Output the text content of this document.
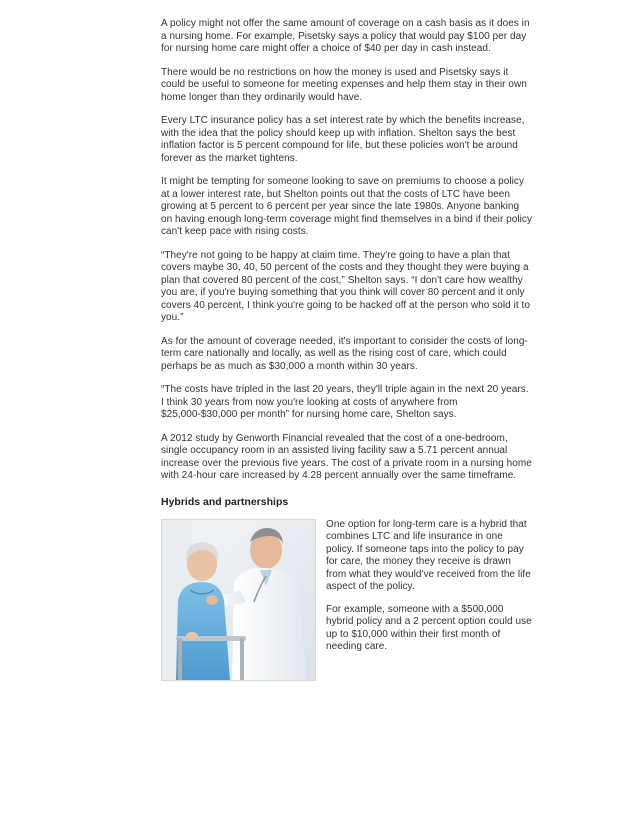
A policy might not offer the same amount of coverage on a cash basis as it does in a nursing home. For example, Pisetsky says a policy that would pay $100 per day for nursing home care might offer a choice of $40 per day in cash instead.

There would be no restrictions on how the money is used and Pisetsky says it could be useful to someone for meeting expenses and help them stay in their own home longer than they ordinarily would have.

Every LTC insurance policy has a set interest rate by which the benefits increase, with the idea that the policy should keep up with inflation. Shelton says the best inflation factor is 5 percent compound for life, but these policies won't be around forever as the market tightens.

It might be tempting for someone looking to save on premiums to choose a policy at a lower interest rate, but Shelton points out that the costs of LTC have been growing at 5 percent to 6 percent per year since the late 1980s. Anyone banking on having enough long-term coverage might find themselves in a bind if their policy can't keep pace with rising costs.

“They're not going to be happy at claim time. They're going to have a plan that covers maybe 30, 40, 50 percent of the costs and they thought they were buying a plan that covered 80 percent of the cost,” Shelton says. “I don't care how wealthy you are, if you're buying something that you think will cover 80 percent and it only covers 40 percent, I think you're going to be hacked off at the person who sold it to you.”

As for the amount of coverage needed, it's important to consider the costs of long-term care nationally and locally, as well as the rising cost of care, which could perhaps be as much as $30,000 a month within 30 years.

“The costs have tripled in the last 20 years, they'll triple again in the next 20 years. I think 30 years from now you're looking at costs of anywhere from $25,000-$30,000 per month” for nursing home care, Shelton says.

A 2012 study by Genworth Financial revealed that the cost of a one-bedroom, single occupancy room in an assisted living facility saw a 5.71 percent annual increase over the previous five years. The cost of a private room in a nursing home with 24-hour care increased by 4.28 percent annually over the same timeframe.

Hybrids and partnerships

One option for long-term care is a hybrid that combines LTC and life insurance in one policy. If someone taps into the policy to pay for care, the money they receive is drawn from what they would've received from the life aspect of the policy.

For example, someone with a $500,000 hybrid policy and a 2 percent option could use up to $10,000 within their first month of needing care.
